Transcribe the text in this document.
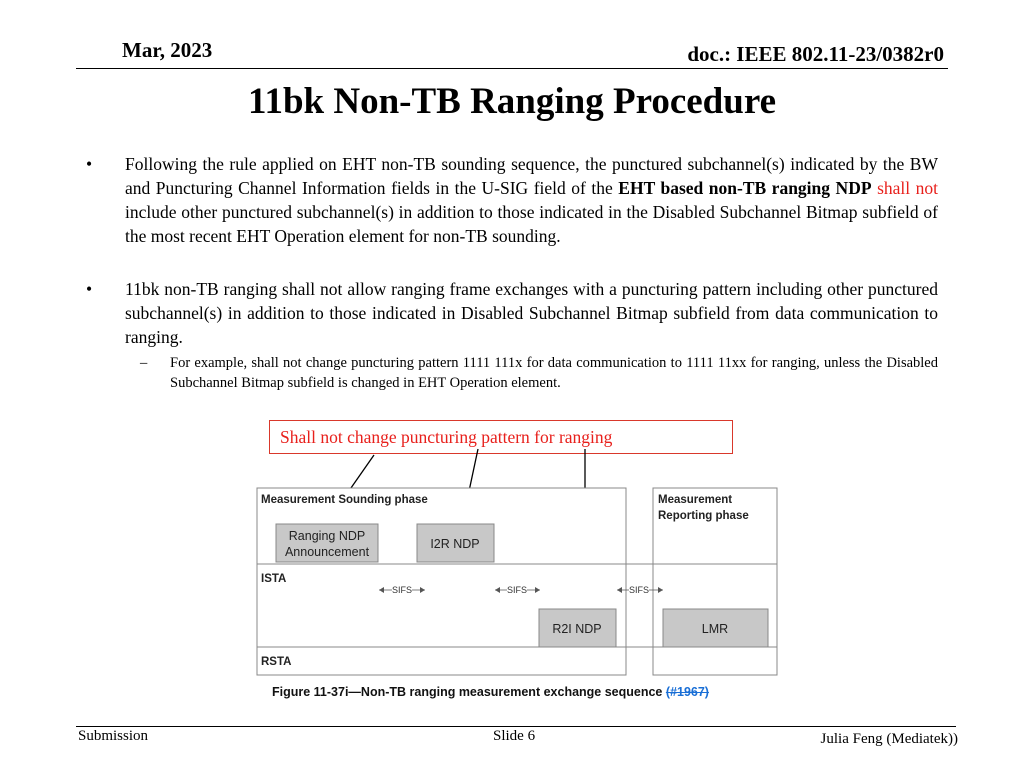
Mar, 2023	doc.: IEEE 802.11-23/0382r0
11bk Non-TB Ranging Procedure
• Following the rule applied on EHT non-TB sounding sequence, the punctured subchannel(s) indicated by the BW and Puncturing Channel Information fields in the U-SIG field of the EHT based non-TB ranging NDP shall not include other punctured subchannel(s) in addition to those indicated in the Disabled Subchannel Bitmap subfield of the most recent EHT Operation element for non-TB sounding.
• 11bk non-TB ranging shall not allow ranging frame exchanges with a puncturing pattern including other punctured subchannel(s) in addition to those indicated in Disabled Subchannel Bitmap subfield from data communication to ranging.
– For example, shall not change puncturing pattern 1111 111x for data communication to 1111 11xx for ranging, unless the Disabled Subchannel Bitmap subfield is changed in EHT Operation element.
Shall not change puncturing pattern for ranging
Measurement Sounding phase	Measurement
Reporting phase
Ranging NDP
Announcement
I2R NDP
ISTA
SIFS	SIFS	SIFS
R2I NDP	LMR
RSTA
Figure 11-37i—Non-TB ranging measurement exchange sequence (#1967)
Submission	Slide 6	Julia Feng (Mediatek))
